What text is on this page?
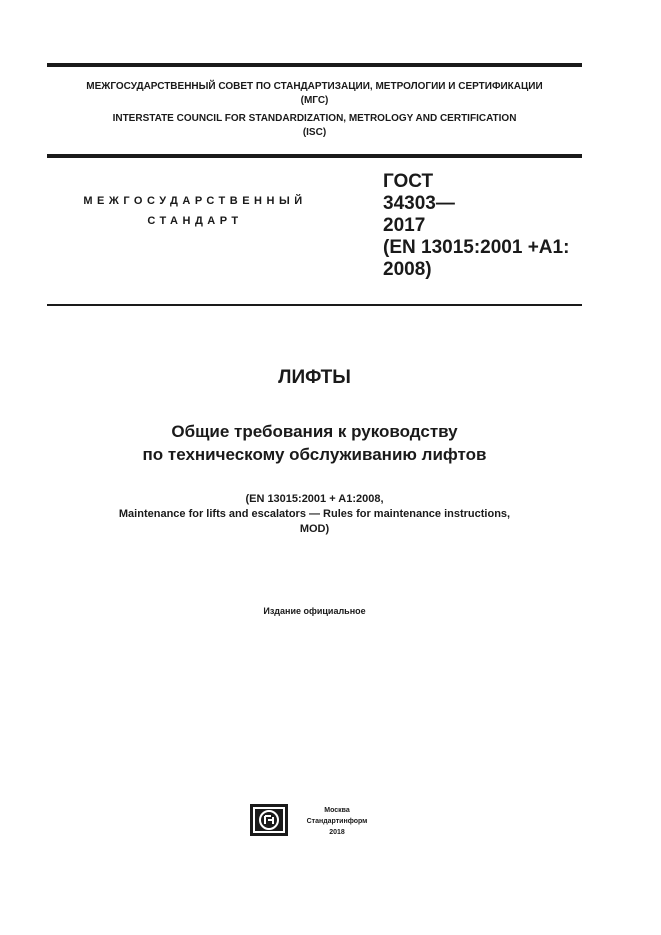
МЕЖГОСУДАРСТВЕННЫЙ СОВЕТ ПО СТАНДАРТИЗАЦИИ, МЕТРОЛОГИИ И СЕРТИФИКАЦИИ
(МГС)
INTERSTATE COUNCIL FOR STANDARDIZATION, METROLOGY AND CERTIFICATION
(ISC)
МЕЖГОСУДАРСТВЕННЫЙ
СТАНДАРТ
ГОСТ
34303—
2017
(EN 13015:2001 +A1:
2008)
ЛИФТЫ
Общие требования к руководству
по техническому обслуживанию лифтов
(EN 13015:2001 + A1:2008,
Maintenance for lifts and escalators — Rules for maintenance instructions,
MOD)
Издание официальное
Москва
Стандартинформ
2018
